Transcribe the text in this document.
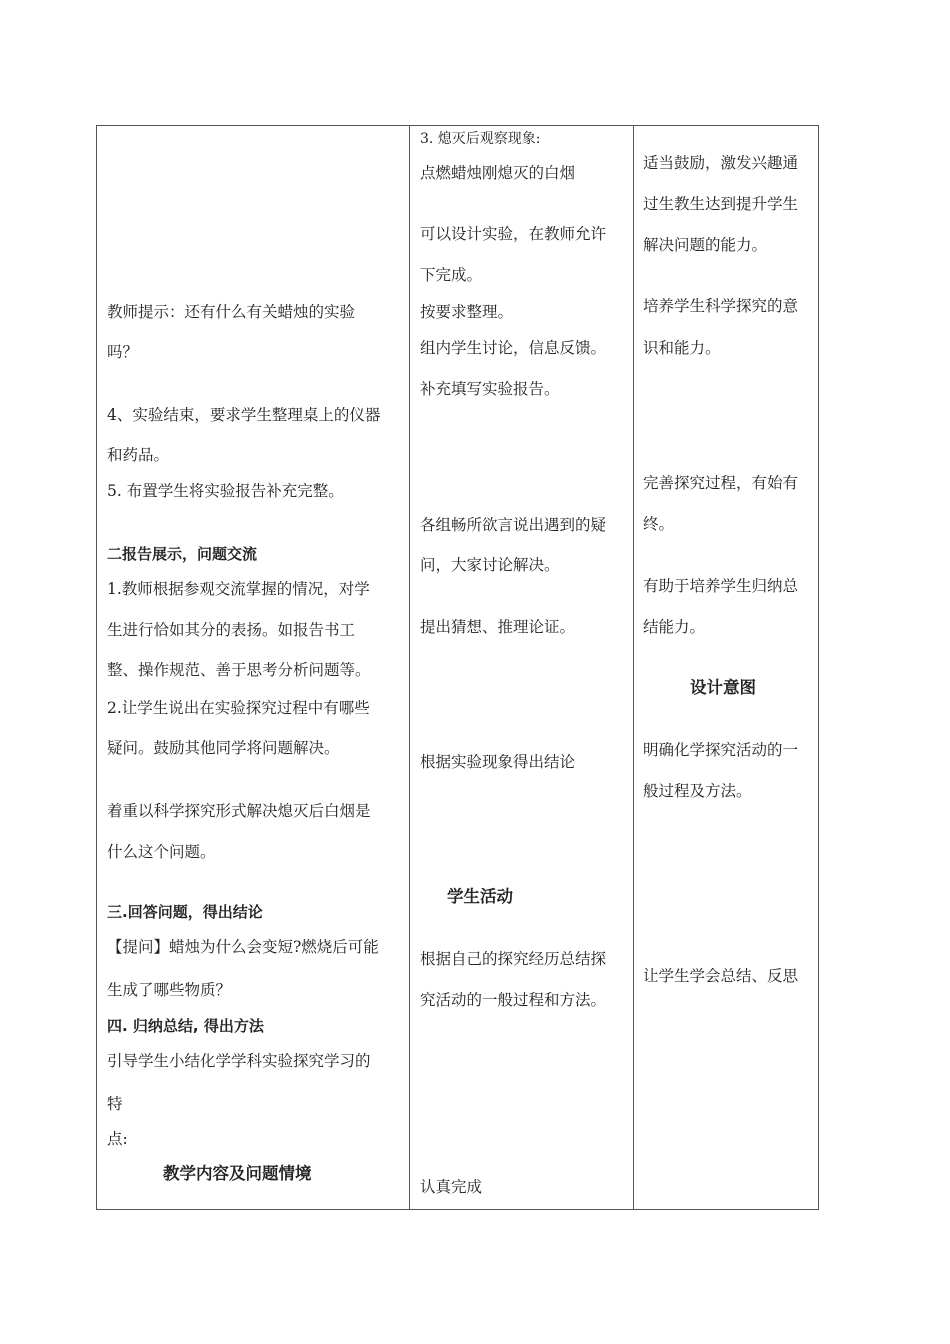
教师提示：还有什么有关蜡烛的实验
吗？
4、实验结束，要求学生整理桌上的仪器
和药品。
5. 布置学生将实验报告补充完整。
二报告展示，问题交流
1.教师根据参观交流掌握的情况，对学
生进行恰如其分的表扬。如报告书工
整、操作规范、善于思考分析问题等。
2.让学生说出在实验探究过程中有哪些
疑问。鼓励其他同学将问题解决。
着重以科学探究形式解决熄灭后白烟是
什么这个问题。
三.回答问题，得出结论
【提问】蜡烛为什么会变短?燃烧后可能
生成了哪些物质？
四. 归纳总结, 得出方法
引导学生小结化学学科实验探究学习的
特
点:
教学内容及问题情境
3. 熄灭后观察现象:
点燃蜡烛刚熄灭的白烟
可以设计实验，在教师允许
下完成。
按要求整理。
组内学生讨论，信息反馈。
补充填写实验报告。
各组畅所欲言说出遇到的疑
问，大家讨论解决。
提出猜想、推理论证。
根据实验现象得出结论
学生活动
根据自己的探究经历总结探
究活动的一般过程和方法。
认真完成
适当鼓励，激发兴趣通
过生教生达到提升学生
解决问题的能力。
培养学生科学探究的意
识和能力。
完善探究过程，有始有
终。
有助于培养学生归纳总
结能力。
设计意图
明确化学探究活动的一
般过程及方法。
让学生学会总结、反思
